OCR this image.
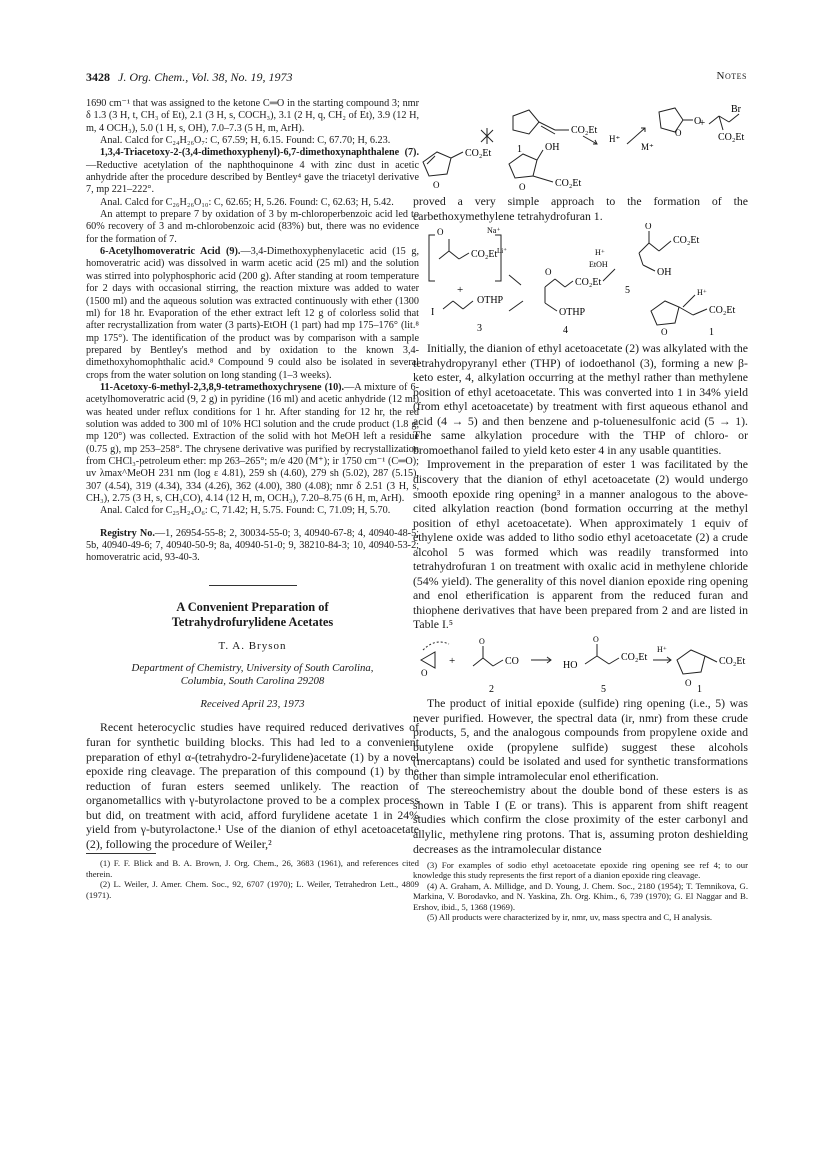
3428 J. Org. Chem., Vol. 38, No. 19, 1973	Notes

1690 cm⁻¹ that was assigned to the ketone C═O in the starting compound 3; nmr δ 1.3 (3 H, t, CH₃ of Et), 2.1 (3 H, s, COCH₃), 3.1 (2 H, q, CH₂ of Et), 3.9 (12 H, m, 4 OCH₃), 5.0 (1 H, s, OH), 7.0–7.3 (5 H, m, ArH).

Anal. Calcd for C₂₄H₂₆O₇: C, 67.59; H, 6.15. Found: C, 67.70; H, 6.23.

1,3,4-Triacetoxy-2-(3,4-dimethoxyphenyl)-6,7-dimethoxynaphthalene (7).—Reductive acetylation of the naphthoquinone 4 with zinc dust in acetic anhydride after the procedure described by Bentley⁴ gave the triacetyl derivative 7, mp 221–222°.

Anal. Calcd for C₂₆H₂₆O₁₀: C, 62.65; H, 5.26. Found: C, 62.63; H, 5.42.

An attempt to prepare 7 by oxidation of 3 by m-chloroperbenzoic acid led to 60% recovery of 3 and m-chlorobenzoic acid (83%) but, there was no evidence for the formation of 7.

6-Acetylhomoveratric Acid (9).—3,4-Dimethoxyphenylacetic acid (15 g, homoveratric acid) was dissolved in warm acetic acid (25 ml) and the solution was stirred into polyphosphoric acid (200 g). After standing at room temperature for 2 days with occasional stirring, the reaction mixture was added to water (1500 ml) and the aqueous solution was extracted continuously with ether (1300 ml) for 18 hr. Evaporation of the ether extract left 12 g of colorless solid that after recrystallization from water (3 parts)-EtOH (1 part) had mp 175–176° (lit.⁸ mp 175°). The identification of the product was by comparison with a sample prepared by Bentley's method and by oxidation to the known 3,4-dimethoxyhomophthalic acid.⁸ Compound 9 could also be isolated in several crops from the water solution on long standing (1–3 weeks).

11-Acetoxy-6-methyl-2,3,8,9-tetramethoxychrysene (10).—A mixture of 6-acetylhomoveratric acid (9, 2 g) in pyridine (16 ml) and acetic anhydride (12 ml) was heated under reflux conditions for 1 hr. After standing for 12 hr, the red solution was added to 300 ml of 10% HCl solution and the crude product (1.8 g, mp 120°) was collected. Extraction of the solid with hot MeOH left a residue (0.75 g), mp 253–258°. The chrysene derivative was purified by recrystallization from CHCl₃-petroleum ether: mp 263–265°; m/e 420 (M⁺); ir 1750 cm⁻¹ (C═O); uv λmax^MeOH 231 nm (log ε 4.81), 259 sh (4.60), 279 sh (5.02), 287 (5.15), 307 (4.54), 319 (4.34), 334 (4.26), 362 (4.00), 380 (4.08); nmr δ 2.51 (3 H, s, CH₃), 2.75 (3 H, s, CH₃CO), 4.14 (12 H, m, OCH₃), 7.20–8.75 (6 H, m, ArH).

Anal. Calcd for C₂₅H₂₄O₆: C, 71.42; H, 5.75. Found: C, 71.09; H, 5.70.

Registry No.—1, 26954-55-8; 2, 30034-55-0; 3, 40940-67-8; 4, 40940-48-5; 5b, 40940-49-6; 7, 40940-50-9; 8a, 40940-51-0; 9, 38210-84-3; 10, 40940-53-2; homoveratric acid, 93-40-3.

A Convenient Preparation of
Tetrahydrofurylidene Acetates
T. A. Bryson
Department of Chemistry, University of South Carolina,
Columbia, South Carolina 29208
Received April 23, 1973

Recent heterocyclic studies have required reduced derivatives of furan for synthetic building blocks. This had led to a convenient preparation of ethyl α-(tetrahydro-2-furylidene)acetate (1) by a novel epoxide ring cleavage. The preparation of this compound (1) by the reduction of furan esters seemed unlikely. The reaction of organometallics with γ-butyrolactone proved to be a complex process but did, on treatment with acid, afford furylidene acetate 1 in 24% yield from γ-butyrolactone.¹ Use of the dianion of ethyl acetoacetate (2), following the procedure of Weiler,²

(1) F. F. Blick and B. A. Brown, J. Org. Chem., 26, 3683 (1961), and references cited therein.

(2) L. Weiler, J. Amer. Chem. Soc., 92, 6707 (1970); L. Weiler, Tetrahedron Lett., 4809 (1971).

CO₂Et
H⁺
M⁺
1
O
O
+
Br
CO₂Et
CO₂Et
O
OH
CO₂Et
O

proved a very simple approach to the formation of the carbethoxymethylene tetrahydrofuran 1.

O	Na⁺
CO₂Et Li⁺
+
I
OTHP
3
O
CO₂Et
OTHP
4
H⁺
EtOH
O
CO₂Et
OH
5	H⁺
CO₂Et
O	1

Initially, the dianion of ethyl acetoacetate (2) was alkylated with the tetrahydropyranyl ether (THP) of iodoethanol (3), forming a new β-keto ester, 4, alkylation occurring at the methyl rather than methylene position of ethyl acetoacetate. This was converted into 1 in 34% yield (from ethyl acetoacetate) by treatment with first aqueous ethanol and acid (4 → 5) and then benzene and p-toluenesulfonic acid (5 → 1). The same alkylation procedure with the THP of chloro- or bromoethanol failed to yield keto ester 4 in any usable quantities.

Improvement in the preparation of ester 1 was facilitated by the discovery that the dianion of ethyl acetoacetate (2) would undergo smooth epoxide ring opening³ in a manner analogous to the above-cited alkylation reaction (bond formation occurring at the methyl position of ethyl acetoacetate). When approximately 1 equiv of ethylene oxide was added to litho sodio ethyl acetoacetate (2) a crude alcohol 5 was formed which was readily transformed into tetrahydrofuran 1 on treatment with oxalic acid in methylene chloride (54% yield). The generality of this novel dianion epoxide ring opening and enol etherification is apparent from the reduced furan and thiophene derivatives that have been prepared from 2 and are listed in Table I.⁵

O
+
O
CO	HO
O
CO₂Et
H⁺
O
CO₂Et
2	5	1

The product of initial epoxide (sulfide) ring opening (i.e., 5) was never purified. However, the spectral data (ir, nmr) from these crude products, 5, and the analogous compounds from propylene oxide and butylene oxide (propylene sulfide) suggest these alcohols (mercaptans) could be isolated and used for synthetic transformations other than simple intramolecular enol etherification.

The stereochemistry about the double bond of these esters is as shown in Table I (E or trans). This is apparent from shift reagent studies which confirm the close proximity of the ester carbonyl and allylic, methylene ring protons. That is, assuming proton deshielding decreases as the intramolecular distance

(3) For examples of sodio ethyl acetoacetate epoxide ring opening see ref 4; to our knowledge this study represents the first report of a dianion epoxide ring cleavage.

(4) A. Graham, A. Millidge, and D. Young, J. Chem. Soc., 2180 (1954); T. Temnikova, G. Markina, V. Borodavko, and N. Yaskina, Zh. Org. Khim., 6, 739 (1970); G. El Naggar and B. Ershov, ibid., 5, 1368 (1969).

(5) All products were characterized by ir, nmr, uv, mass spectra and C, H analysis.
